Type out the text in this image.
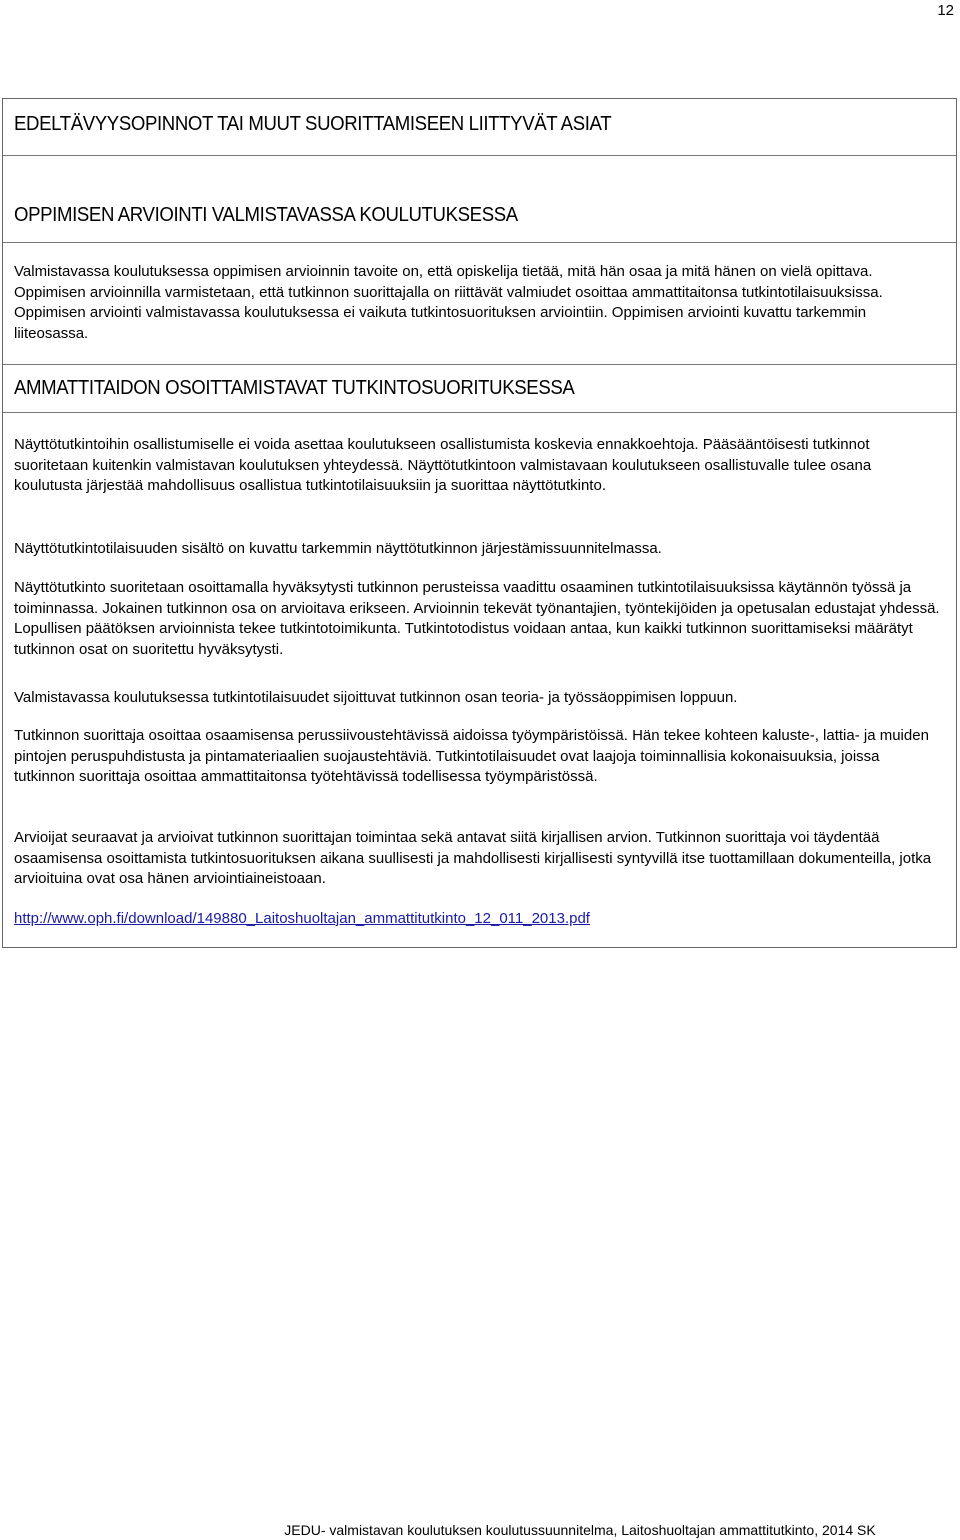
12
EDELTÄVYYSOPINNOT TAI MUUT SUORITTAMISEEN LIITTYVÄT ASIAT
OPPIMISEN ARVIOINTI VALMISTAVASSA KOULUTUKSESSA
Valmistavassa koulutuksessa oppimisen arvioinnin tavoite on, että opiskelija tietää, mitä hän osaa ja mitä hänen on vielä opittava. Oppimisen arvioinnilla varmistetaan, että tutkinnon suorittajalla on riittävät valmiudet osoittaa ammattitaitonsa tutkintotilaisuuksissa. Oppimisen arviointi valmistavassa koulutuksessa ei vaikuta tutkintosuorituksen arviointiin. Oppimisen arviointi kuvattu tarkemmin liiteosassa.
AMMATTITAIDON OSOITTAMISTAVAT TUTKINTOSUORITUKSESSA
Näyttötutkintoihin osallistumiselle ei voida asettaa koulutukseen osallistumista koskevia ennakkoehtoja. Pääsääntöisesti tutkinnot suoritetaan kuitenkin valmistavan koulutuksen yhteydessä. Näyttötutkintoon valmistavaan koulutukseen osallistuvalle tulee osana koulutusta järjestää mahdollisuus osallistua tutkintotilaisuuksiin ja suorittaa näyttötutkinto.
Näyttötutkintotilaisuuden sisältö on kuvattu tarkemmin näyttötutkinnon järjestämissuunnitelmassa.
Näyttötutkinto suoritetaan osoittamalla hyväksytysti tutkinnon perusteissa vaadittu osaaminen tutkintotilaisuuksissa käytännön työssä ja toiminnassa. Jokainen tutkinnon osa on arvioitava erikseen. Arvioinnin tekevät työnantajien, työntekijöiden ja opetusalan edustajat yhdessä. Lopullisen päätöksen arvioinnista tekee tutkintotoimikunta. Tutkintotodistus voidaan antaa, kun kaikki tutkinnon suorittamiseksi määrätyt tutkinnon osat on suoritettu hyväksytysti.
Valmistavassa koulutuksessa tutkintotilaisuudet sijoittuvat tutkinnon osan teoria- ja työssäoppimisen loppuun.
Tutkinnon suorittaja osoittaa osaamisensa perussiivoustehtävissä aidoissa työympäristöissä. Hän tekee kohteen kaluste-, lattia- ja muiden pintojen peruspuhdistusta ja pintamateriaalien suojaustehtäviä. Tutkintotilaisuudet ovat laajoja toiminnallisia kokonaisuuksia, joissa tutkinnon suorittaja osoittaa ammattitaitonsa työtehtävissä todellisessa työympäristössä.
Arvioijat seuraavat ja arvioivat tutkinnon suorittajan toimintaa sekä antavat siitä kirjallisen arvion. Tutkinnon suorittaja voi täydentää osaamisensa osoittamista tutkintosuorituksen aikana suullisesti ja mahdollisesti kirjallisesti syntyvillä itse tuottamillaan dokumenteilla, jotka arvioituina ovat osa hänen arviointiaineistoaan.
http://www.oph.fi/download/149880_Laitoshuoltajan_ammattitutkinto_12_011_2013.pdf
JEDU- valmistavan koulutuksen koulutussuunnitelma, Laitoshuoltajan ammattitutkinto, 2014 SK
